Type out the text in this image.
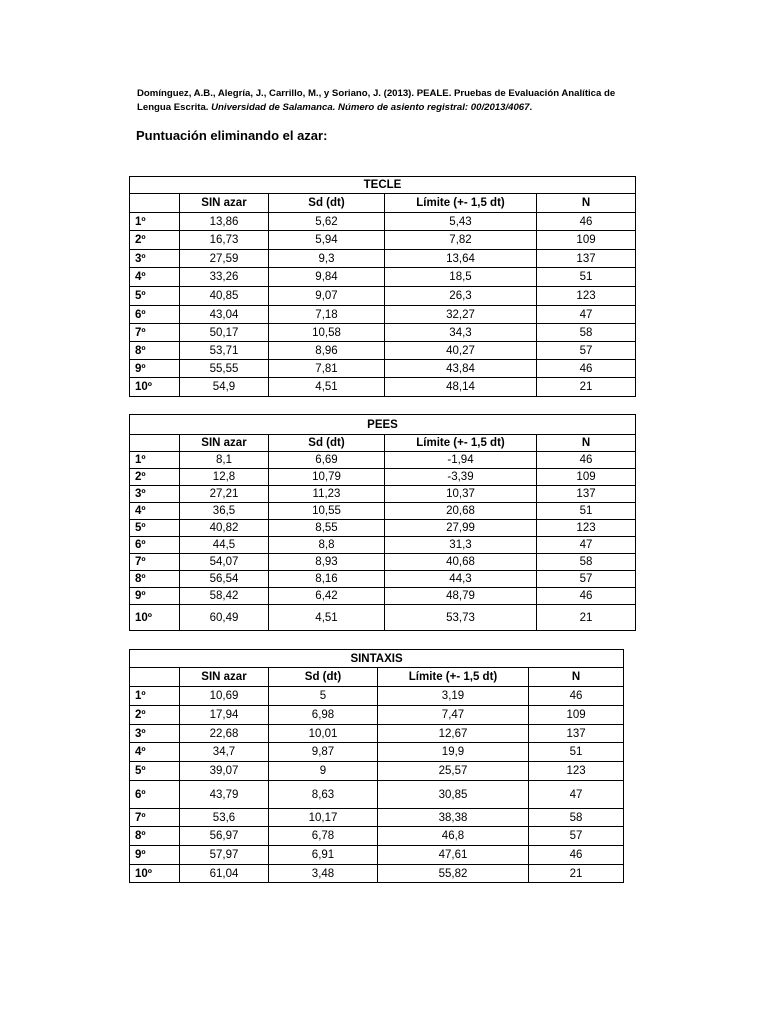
Domínguez, A.B., Alegría, J., Carrillo, M., y Soriano, J. (2013). PEALE. Pruebas de Evaluación Analítica de Lengua Escrita. Universidad de Salamanca. Número de asiento registral: 00/2013/4067.
Puntuación eliminando el azar:
TECLE				
	SIN azar	Sd (dt)	Límite (+- 1,5 dt)	N
1º	13,86	5,62	5,43	46
2º	16,73	5,94	7,82	109
3º	27,59	9,3	13,64	137
4º	33,26	9,84	18,5	51
5º	40,85	9,07	26,3	123
6º	43,04	7,18	32,27	47
7º	50,17	10,58	34,3	58
8º	53,71	8,96	40,27	57
9º	55,55	7,81	43,84	46
10º	54,9	4,51	48,14	21
PEES				
	SIN azar	Sd (dt)	Límite (+- 1,5 dt)	N
1º	8,1	6,69	-1,94	46
2º	12,8	10,79	-3,39	109
3º	27,21	11,23	10,37	137
4º	36,5	10,55	20,68	51
5º	40,82	8,55	27,99	123
6º	44,5	8,8	31,3	47
7º	54,07	8,93	40,68	58
8º	56,54	8,16	44,3	57
9º	58,42	6,42	48,79	46
10º	60,49	4,51	53,73	21
SINTAXIS				
	SIN azar	Sd (dt)	Límite (+- 1,5 dt)	N
1º	10,69	5	3,19	46
2º	17,94	6,98	7,47	109
3º	22,68	10,01	12,67	137
4º	34,7	9,87	19,9	51
5º	39,07	9	25,57	123
6º	43,79	8,63	30,85	47
7º	53,6	10,17	38,38	58
8º	56,97	6,78	46,8	57
9º	57,97	6,91	47,61	46
10º	61,04	3,48	55,82	21
